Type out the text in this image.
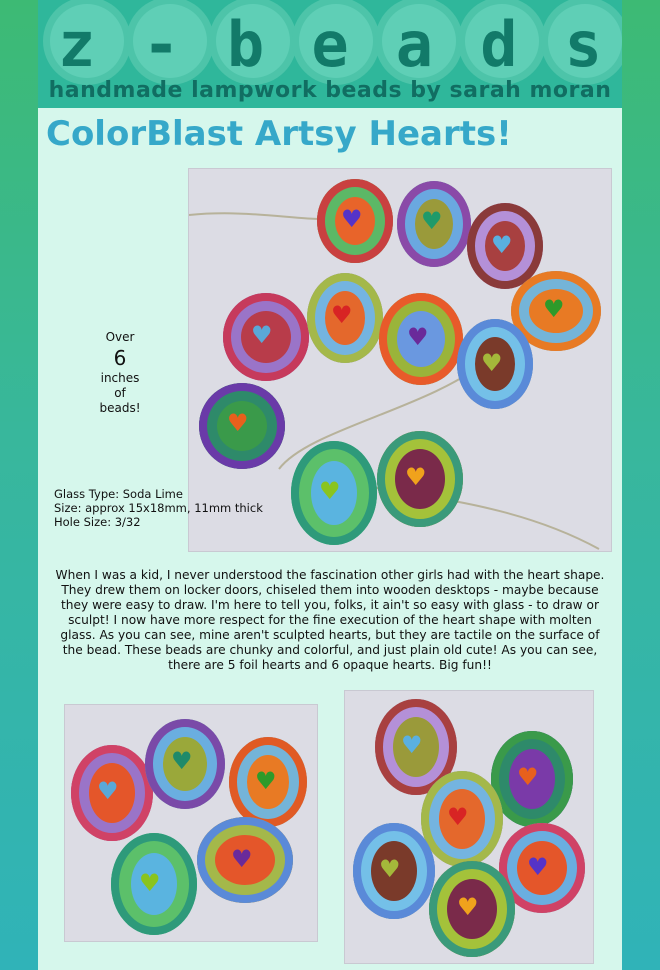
z - b e a d s
handmade lampwork beads by sarah moran
ColorBlast Artsy Hearts!
♥ ♥
♥
♥
♥
♥
♥
♥
♥
♥	♥
Over
6
inches
of
beads!
Glass Type: Soda Lime
Size: approx 15x18mm, 11mm thick
Hole Size: 3/32

When I was a kid, I never understood the fascination other girls had with the heart shape. They drew them on locker doors, chiseled them into wooden desktops - maybe because they were easy to draw. I'm here to tell you, folks, it ain't so easy with glass - to draw or sculpt! I now have more respect for the fine execution of the heart shape with molten glass. As you can see, mine aren't sculpted hearts, but they are tactile on the surface of the bead. These beads are chunky and colorful, and just plain old cute! As you can see, there are 5 foil hearts and 6 opaque hearts. Big fun!!

♥
♥
♥
♥
♥
♥
♥
♥
♥	♥
♥
